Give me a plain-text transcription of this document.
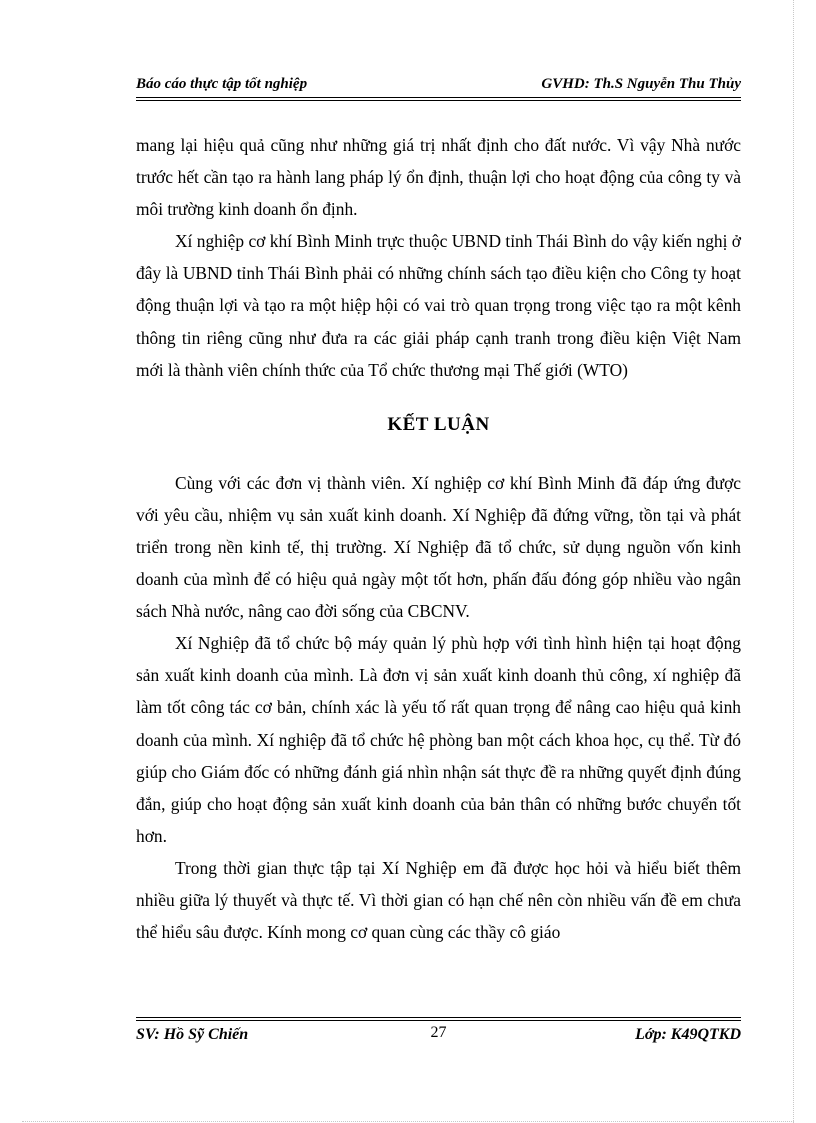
Báo cáo thực tập tốt nghiệp	GVHD: Th.S Nguyễn Thu Thủy

mang lại hiệu quả cũng như những giá trị nhất định cho đất nước. Vì vậy Nhà nước trước hết cần tạo ra hành lang pháp lý ổn định, thuận lợi cho hoạt động của công ty và môi trường kinh doanh ổn định.

Xí nghiệp cơ khí Bình Minh trực thuộc UBND tỉnh Thái Bình do vậy kiến nghị ở đây là UBND tỉnh Thái Bình phải có những chính sách tạo điều kiện cho Công ty hoạt động thuận lợi và tạo ra một hiệp hội có vai trò quan trọng trong việc tạo ra một kênh thông tin riêng cũng như đưa ra các giải pháp cạnh tranh trong điều kiện Việt Nam mới là thành viên chính thức của Tổ chức thương mại Thế giới (WTO)

KẾT LUẬN

Cùng với các đơn vị thành viên. Xí nghiệp cơ khí Bình Minh đã đáp ứng được với yêu cầu, nhiệm vụ sản xuất kinh doanh. Xí Nghiệp đã đứng vững, tồn tại và phát triển trong nền kinh tế, thị trường. Xí Nghiệp đã tổ chức, sử dụng nguồn vốn kinh doanh của mình để có hiệu quả ngày một tốt hơn, phấn đấu đóng góp nhiều vào ngân sách Nhà nước, nâng cao đời sống của CBCNV.

Xí Nghiệp đã tổ chức bộ máy quản lý phù hợp với tình hình hiện tại hoạt động sản xuất kinh doanh của mình. Là đơn vị sản xuất kinh doanh thủ công, xí nghiệp đã làm tốt công tác cơ bản, chính xác là yếu tố rất quan trọng để nâng cao hiệu quả kinh doanh của mình. Xí nghiệp đã tổ chức hệ phòng ban một cách khoa học, cụ thể. Từ đó giúp cho Giám đốc có những đánh giá nhìn nhận sát thực đề ra những quyết định đúng đắn, giúp cho hoạt động sản xuất kinh doanh của bản thân có những bước chuyển tốt hơn.

Trong thời gian thực tập tại Xí Nghiệp em đã được học hỏi và hiểu biết thêm nhiều giữa lý thuyết và thực tế. Vì thời gian có hạn chế nên còn nhiều vấn đề em chưa thể hiểu sâu được. Kính mong cơ quan cùng các thầy cô giáo

SV: Hồ Sỹ Chiến	27	Lớp: K49QTKD
